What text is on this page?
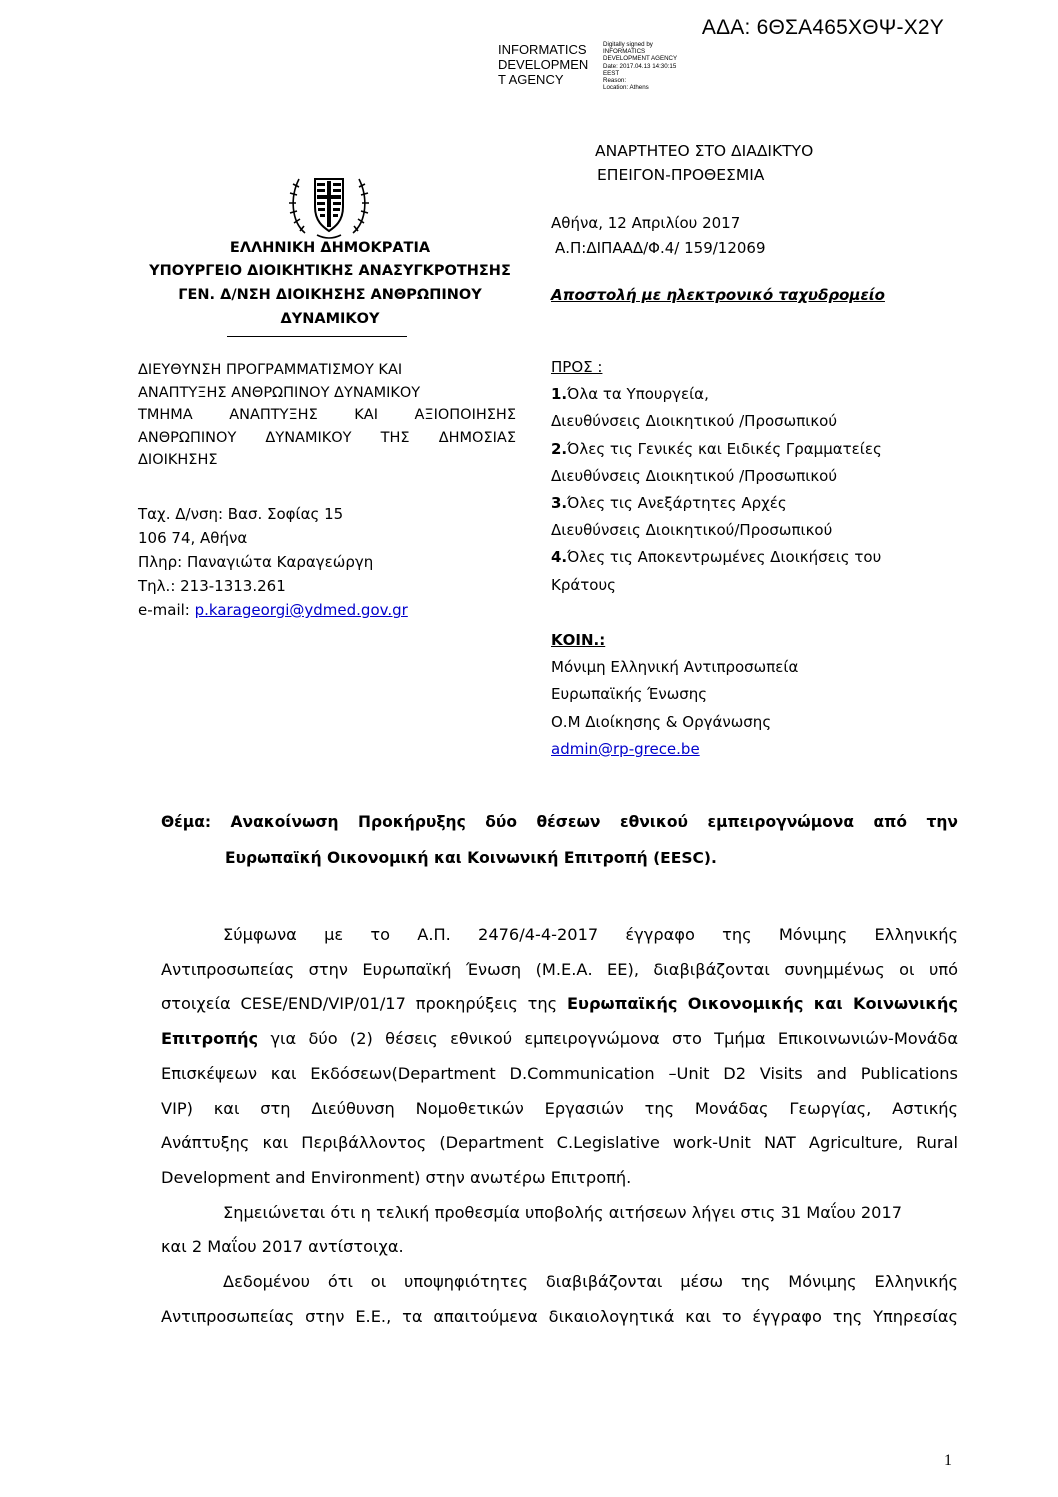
ΑΔΑ: 6ΘΣΑ465ΧΘΨ-Χ2Υ
INFORMATICS
DEVELOPMEN
T AGENCY
Digitally signed by
INFORMATICS
DEVELOPMENT AGENCY
Date: 2017.04.13 14:30:15
EEST
Reason:
Location: Athens
ΕΛΛΗΝΙΚΗ ΔΗΜΟΚΡΑΤΙΑ
ΥΠΟΥΡΓΕΙΟ ΔΙΟΙΚΗΤΙΚΗΣ ΑΝΑΣΥΓΚΡΟΤΗΣΗΣ
ΓΕΝ. Δ/ΝΣΗ ΔΙΟΙΚΗΣΗΣ ΑΝΘΡΩΠΙΝΟΥ
ΔΥΝΑΜΙΚΟΥ
ΔΙΕΥΘΥΝΣΗ ΠΡΟΓΡΑΜΜΑΤΙΣΜΟΥ ΚΑΙ
ΑΝΑΠΤΥΞΗΣ ΑΝΘΡΩΠΙΝΟΥ ΔΥΝΑΜΙΚΟΥ
ΤΜΗΜΑ ΑΝΑΠΤΥΞΗΣ ΚΑΙ ΑΞΙΟΠΟΙΗΣΗΣ
ΑΝΘΡΩΠΙΝΟΥ ΔΥΝΑΜΙΚΟΥ ΤΗΣ ΔΗΜΟΣΙΑΣ
ΔΙΟΙΚΗΣΗΣ
Ταχ. Δ/νση: Βασ. Σοφίας 15
106 74, Αθήνα
Πληρ: Παναγιώτα Καραγεώργη
Τηλ.: 213-1313.261
e-mail: p.karageorgi@ydmed.gov.gr
ΑΝΑΡΤΗΤΕΟ ΣΤΟ ΔΙΑΔΙΚΤΥΟ
ΕΠΕΙΓΟΝ-ΠΡΟΘΕΣΜΙΑ
Αθήνα, 12 Απριλίου 2017
Α.Π:ΔΙΠΑΑΔ/Φ.4/ 159/12069
Αποστολή με ηλεκτρονικό ταχυδρομείο
ΠΡΟΣ :
1.Όλα τα Υπουργεία,
Διευθύνσεις Διοικητικού /Προσωπικού
2.Όλες τις Γενικές και Ειδικές Γραμματείες
Διευθύνσεις Διοικητικού /Προσωπικού
3.Όλες τις Ανεξάρτητες Αρχές
Διευθύνσεις Διοικητικού/Προσωπικού
4.Όλες τις Αποκεντρωμένες Διοικήσεις του
Κράτους
ΚΟΙΝ.:
Μόνιμη Ελληνική Αντιπροσωπεία
Ευρωπαϊκής Ένωσης
Ο.Μ Διοίκησης & Οργάνωσης
admin@rp-grece.be
Θέμα: Ανακοίνωση Προκήρυξης δύο θέσεων εθνικού εμπειρογνώμονα από την
Ευρωπαϊκή Οικονομική και Κοινωνική Επιτροπή (EESC).
Σύμφωνα με το Α.Π. 2476/4-4-2017 έγγραφο της Μόνιμης Ελληνικής
Αντιπροσωπείας στην Ευρωπαϊκή Ένωση (Μ.Ε.Α. ΕΕ), διαβιβάζονται συνημμένως οι υπό
στοιχεία CESE/END/VIP/01/17 προκηρύξεις της Ευρωπαϊκής Οικονομικής και Κοινωνικής
Επιτροπής για δύο (2) θέσεις εθνικού εμπειρογνώμονα στο Τμήμα Επικοινωνιών-Μονάδα
Επισκέψεων και Εκδόσεων(Department D.Communication –Unit D2 Visits and Publications
VIP) και στη Διεύθυνση Νομοθετικών Εργασιών της Μονάδας Γεωργίας, Αστικής
Ανάπτυξης και Περιβάλλοντος (Department C.Legislative work-Unit NAT Agriculture, Rural
Development and Environment) στην ανωτέρω Επιτροπή.
Σημειώνεται ότι η τελική προθεσμία υποβολής αιτήσεων λήγει στις 31 Μαΐου 2017
και 2 Μαΐου 2017 αντίστοιχα.
Δεδομένου ότι οι υποψηφιότητες διαβιβάζονται μέσω της Μόνιμης Ελληνικής
Αντιπροσωπείας στην Ε.Ε., τα απαιτούμενα δικαιολογητικά και το έγγραφο της Υπηρεσίας
1
